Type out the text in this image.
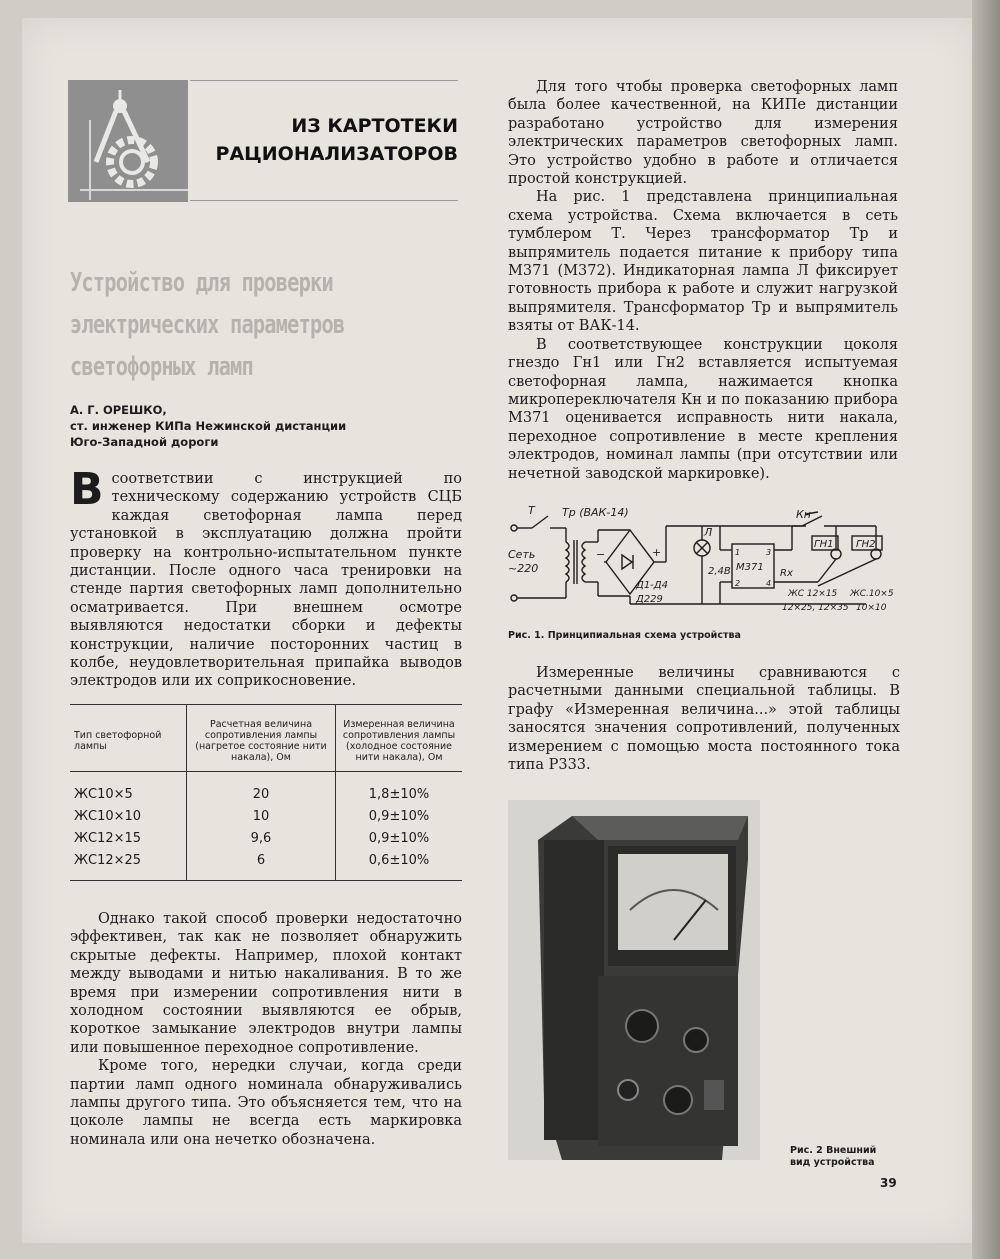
ИЗ КАРТОТЕКИ
РАЦИОНАЛИЗАТОРОВ
Устройство для проверки
электрических параметров
светофорных ламп
А. Г. ОРЕШКО,
ст. инженер КИПа Нежинской дистанции
Юго-Западной дороги
В соответствии с инструкцией по техническому содержанию устройств СЦБ каждая светофорная лампа перед установкой в эксплуатацию должна пройти проверку на контрольно-испытательном пункте дистанции. После одного часа тренировки на стенде партия светофорных ламп дополнительно осматривается. При внешнем осмотре выявляются недостатки сборки и дефекты конструкции, наличие посторонних частиц в колбе, неудовлетворительная припайка выводов электродов или их соприкосновение.

Тип светофорной лампы	Расчетная величина сопротивления лампы (нагретое состояние нити накала), Ом	Измеренная величина сопротивления лампы (холодное состояние нити накала), Ом
ЖС10×5	20	1,8±10%
ЖС10×10	10	0,9±10%
ЖС12×15	9,6	0,9±10%
ЖС12×25	6	0,6±10%

Однако такой способ проверки недостаточно эффективен, так как не позволяет обнаружить скрытые дефекты. Например, плохой контакт между выводами и нитью накаливания. В то же время при измерении сопротивления нити в холодном состоянии выявляются ее обрыв, короткое замыкание электродов внутри лампы или повышенное переходное сопротивление.

Кроме того, нередки случаи, когда среди партии ламп одного номинала обнаруживались лампы другого типа. Это объясняется тем, что на цоколе лампы не всегда есть маркировка номинала или она нечетко обозначена.

Для того чтобы проверка светофорных ламп была более качественной, на КИПе дистанции разработано устройство для измерения электрических параметров светофорных ламп. Это устройство удобно в работе и отличается простой конструкцией.

На рис. 1 представлена принципиальная схема устройства. Схема включается в сеть тумблером Т. Через трансформатор Тр и выпрямитель подается питание к прибору типа М371 (М372). Индикаторная лампа Л фиксирует готовность прибора к работе и служит нагрузкой выпрямителя. Трансформатор Тр и выпрямитель взяты от ВАК-14.

В соответствующее конструкции цоколя гнездо Гн1 или Гн2 вставляется испытуемая светофорная лампа, нажимается кнопка микропереключателя Кн и по показанию прибора М371 оценивается исправность нити накала, переходное сопротивление в месте крепления электродов, номинал лампы (при отсутствии или нечетной заводской маркировке).

T Тр (ВАК-14)
Сеть
~220
−	+
Д1-Д4
Д229
Л
2,4В М371
1
2
3
4
Rx
Кн
ГН1 ГН2
ЖС 12×15
12×25, 12×35
ЖС.10×5
10×10
Рис. 1. Принципиальная схема устройства

Измеренные величины сравниваются с расчетными данными специальной таблицы. В графу «Измеренная величина...» этой таблицы заносятся значения сопротивлений, полученных измерением с помощью моста постоянного тока типа Р333.

Рис. 2 Внешний
вид устройства
39
